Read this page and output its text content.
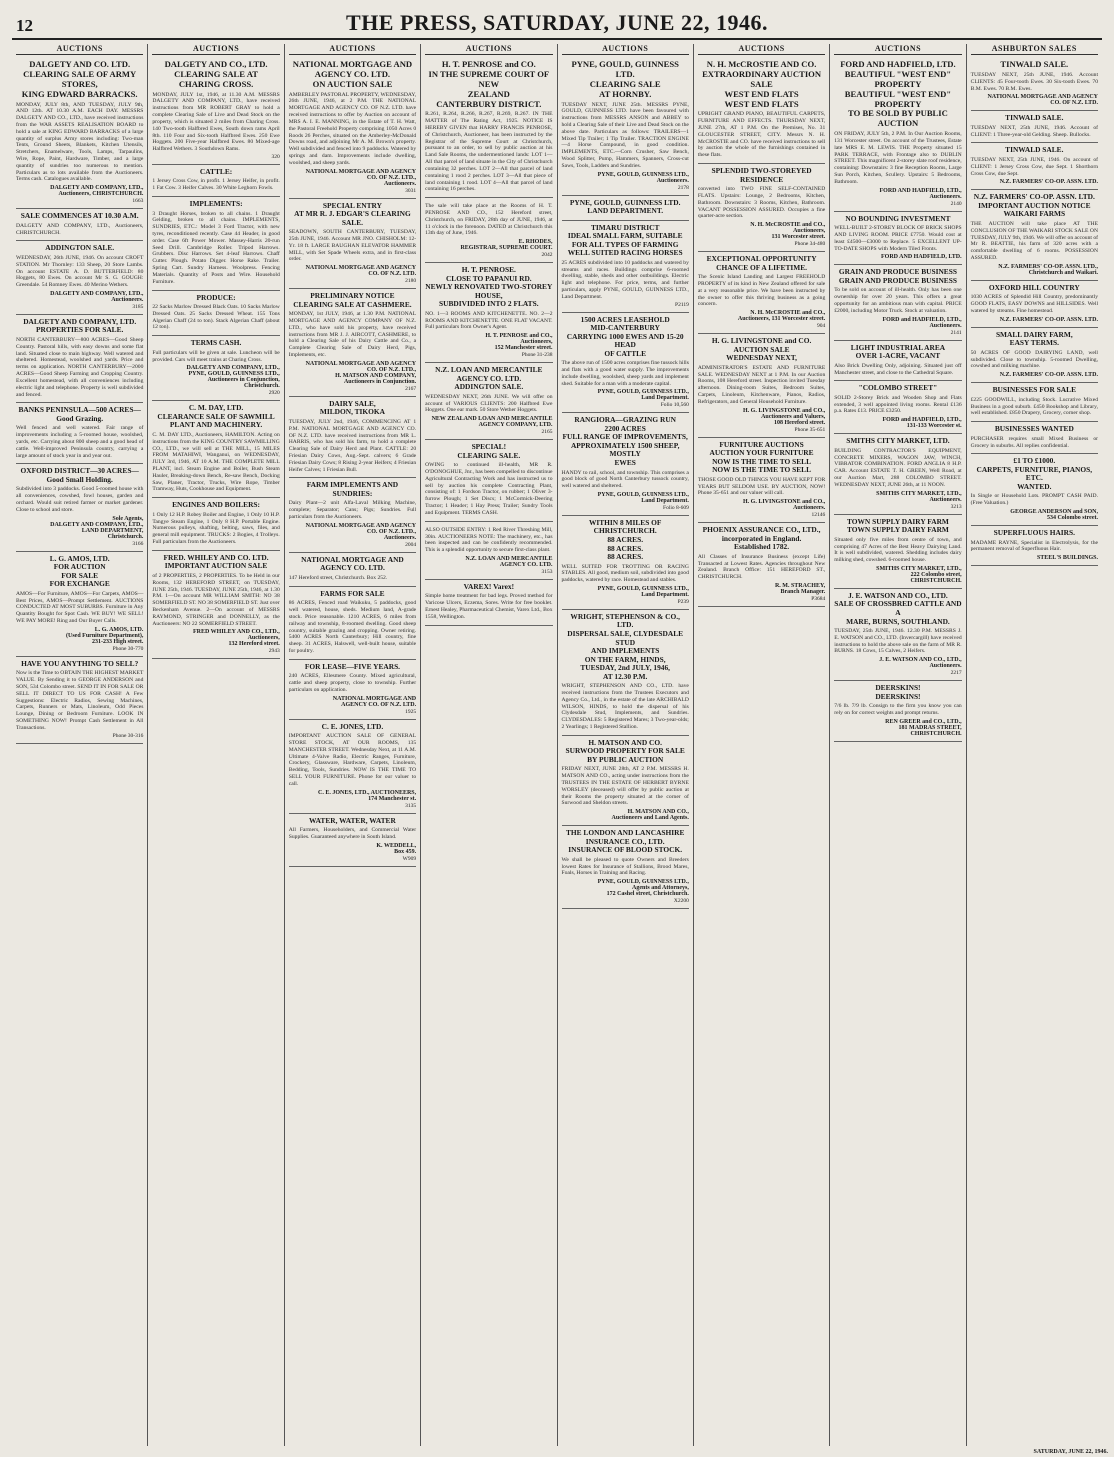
12	THE PRESS, SATURDAY, JUNE 22, 1946.
AUCTIONS
DALGETY AND CO. LTD.
CLEARING SALE OF ARMY STORES,
KING EDWARD BARRACKS.
MONDAY, JULY 8th, AND TUESDAY, JULY 9th, AND 12th. AT 10.30 A.M. EACH DAY. MESSRS DALGETY AND CO., LTD., have received instructions from the WAR ASSETS REALISATION BOARD to hold a sale at KING EDWARD BARRACKS of a large quantity of surplus Army stores including: Two-man Tents, Ground Sheets, Blankets, Kitchen Utensils, Stretchers, Enamelware, Tools, Lamps, Tarpaulins, Wire, Rope, Paint, Hardware, Timber, and a large quantity of sundries too numerous to mention. Particulars as to lots available from the Auctioneers. Terms cash. Catalogues available.
DALGETY AND COMPANY, LTD.,
Auctioneers, CHRISTCHURCH.
1663
SALE COMMENCES AT 10.30 A.M.
DALGETY AND COMPANY, LTD., Auctioneers, CHRISTCHURCH.
ADDINGTON SALE.
WEDNESDAY, 26th JUNE, 1946. On account CROFT STATION. Mr Thornley: 133 Sheep, 20 Store Lambs. On account ESTATE A. D. BUTTERFIELD: 80 Hoggets, 80 Ewes. On account Mr S. G. GOUGH: Greendale. 54 Romney Ewes. 40 Merino Wethers.
DALGETY AND COMPANY, LTD.,
Auctioneers.
3185
DALGETY AND COMPANY, LTD.
PROPERTIES FOR SALE.
NORTH CANTERBURY—800 ACRES—Good Sheep Country. Pastoral hills, with easy downs and some flat land. Situated close to main highway. Well watered and sheltered. Homestead, woolshed and yards. Price and terms on application. NORTH CANTERBURY—2000 ACRES—Good Sheep Farming and Cropping Country. Excellent homestead, with all conveniences including electric light and telephone. Property is well subdivided and fenced.
BANKS PENINSULA—500 ACRES—Good Grazing.
Well fenced and well watered. Fair range of improvements including a 5-roomed house, woolshed, yards, etc. Carrying about 800 sheep and a good head of cattle. Well-improved Peninsula country, carrying a large amount of stock year in and year out.
OXFORD DISTRICT—30 ACRES—Good Small Holding.
Subdivided into 3 paddocks. Good 5-roomed house with all conveniences, cowshed, fowl houses, garden and orchard. Would suit retired farmer or market gardener. Close to school and store.
Sole Agents,
DALGETY AND COMPANY, LTD.,
LAND DEPARTMENT,
Christchurch.
3166
L. G. AMOS, LTD.
FOR AUCTION
FOR SALE
FOR EXCHANGE
AMOS—For Furniture, AMOS—For Carpets, AMOS—Best Prices, AMOS—Prompt Settlement. AUCTIONS CONDUCTED AT MOST SUBURBS. Furniture in Any Quantity Bought for Spot Cash. WE BUY! WE SELL! WE PAY MORE! Ring and Our Buyer Calls.
L. G. AMOS, LTD.
(Used Furniture Department),
231-233 High street.
Phone 30-770
HAVE YOU ANYTHING TO SELL?
Now is the Time to OBTAIN THE HIGHEST MARKET VALUE. By Sending it to GEORGE ANDERSON and SON, 534 Colombo street. SEND IT IN FOR SALE OR SELL IT DIRECT TO US FOR CASH! A Few Suggestions: Electric Radios, Sewing Machines, Carpets, Runners or Mats, Linoleum, Odd Pieces Lounge, Dining or Bedroom Furniture. LOOK IN SOMETHING NOW! Prompt Cash Settlement in All Transactions.
Phone 30-316
AUCTIONS
DALGETY AND CO., LTD.
CLEARING SALE AT
CHARING CROSS.
MONDAY, JULY 1st, 1946, at 11.30 A.M. MESSRS DALGETY AND COMPANY, LTD., have received instructions from MR ROBERT GRAY to hold a complete Clearing Sale of Live and Dead Stock on the property, which is situated 2 miles from Charing Cross. 140 Two-tooth Halfbred Ewes, South down rams April 8th. 110 Four and Six-tooth Halfbred Ewes. 250 Ewe Hoggets. 200 Five-year Halfbred Ewes. 80 Mixed-age Halfbred Wethers. 3 Southdown Rams.
320
CATTLE:
1 Jersey Cross Cow, in profit. 1 Jersey Heifer, in profit. 1 Fat Cow. 3 Heifer Calves. 30 White Leghorn Fowls.
IMPLEMENTS:
3 Draught Horses, broken to all chains. 1 Draught Gelding, broken to all chains. IMPLEMENTS, SUNDRIES, ETC.: Model 3 Ford Tractor, with new tyres, reconditioned recently. Case 44 Header, in good order. Case 6ft Power Mower. Massey-Harris 20-run Seed Drill. Cambridge Roller. Tripod Harrows. Grubbers. Disc Harrows. Set 4-leaf Harrows. Chaff Cutter. Plough. Potato Digger. Horse Rake. Trailer. Spring Cart. Sundry Harness. Woolpress. Fencing Materials. Quantity of Posts and Wire. Household Furniture.
PRODUCE:
22 Sacks Marlow Dressed Black Oats. 10 Sacks Marlow Dressed Oats. 25 Sacks Dressed Wheat. 155 Tons Algerian Chaff (24 to ton). Stack Algerian Chaff (about 12 ton).
TERMS CASH.
Full particulars will be given at sale. Luncheon will be provided. Cars will meet trains at Charing Cross.
DALGETY AND COMPANY, LTD.,
PYNE, GOULD, GUINNESS LTD.,
Auctioneers in Conjunction,
Christchurch.
2920
C. M. DAY, LTD.
CLEARANCE SALE OF SAWMILL
PLANT AND MACHINERY.
C. M. DAY LTD., Auctioneers, HAMILTON. Acting on instructions from the KING COUNTRY SAWMILLING CO., LTD., we will sell at THE MILL, 15 MILES FROM MATAHIWI, Wanganui, on WEDNESDAY, JULY 3rd, 1946, AT 10 A.M. THE COMPLETE MILL PLANT, incl. Steam Engine and Boiler, Bush Steam Hauler, Breaking-down Bench, Re-saw Bench, Docking Saw, Planer, Tractor, Trucks, Wire Rope, Timber Tramway, Huts, Cookhouse and Equipment.
ENGINES AND BOILERS:
1 Only 12 H.P. Robey Boiler and Engine, 1 Only 10 H.P. Tangye Steam Engine, 1 Only 8 H.P. Portable Engine. Numerous pulleys, shafting, belting, saws, files, and general mill equipment. TRUCKS: 2 Bogies, 4 Trolleys. Full particulars from the Auctioneers.
FRED. WHILEY AND CO. LTD.
IMPORTANT AUCTION SALE
of 2 PROPERTIES, 2 PROPERTIES. To be Held in our Rooms, 132 HEREFORD STREET, on TUESDAY, JUNE 25th, 1946. TUESDAY, JUNE 25th, 1946, at 1.30 P.M. 1—On account MR WILLIAM SMITH: NO 38 SOMERFIELD ST. NO 38 SOMERFIELD ST. Just over Beckenham Avenue. 2—On account of MESSRS RAYMOND, STRINGER and DONNELLY, as the Auctioneers: NO 22 SOMERFIELD STREET.
FRED WHILEY AND CO., LTD.,
Auctioneers,
132 Hereford street.
2943
AUCTIONS
NATIONAL MORTGAGE AND
AGENCY CO. LTD.
ON AUCTION SALE
AMBERLEY PASTORAL PROPERTY, WEDNESDAY, 26th JUNE, 1946, at 2 P.M. THE NATIONAL MORTGAGE AND AGENCY CO. OF N.Z. LTD. have received instructions to offer by Auction on account of MRS A. I. E. MANNING, in the Estate of T. H. Watt, the Pastoral Freehold Property comprising 1050 Acres 0 Roods 26 Perches, situated on the Amberley-McDonald Downs road, and adjoining Mr A. M. Brown's property. Well subdivided and fenced into 9 paddocks. Watered by springs and dam. Improvements include dwelling, woolshed, and sheep yards.
NATIONAL MORTGAGE AND AGENCY
CO. OF N.Z. LTD.,
Auctioneers.
3031
SPECIAL ENTRY
AT MR R. J. EDGAR'S CLEARING
SALE.
SEADOWN, SOUTH CANTERBURY, TUESDAY, 25th JUNE, 1946. Account MR JNO. CHISHOLM: 12-Yr. 18 ft. LARGE BAUGHAN ELEVATOR HAMMER MILL, with Set Spade Wheels extra, and in first-class order.
NATIONAL MORTGAGE AND AGENCY
CO. OF N.Z. LTD.
2180
PRELIMINARY NOTICE
CLEARING SALE AT CASHMERE.
MONDAY, 1st JULY, 1946, at 1.30 P.M. NATIONAL MORTGAGE AND AGENCY COMPANY OF N.Z. LTD., who have sold his property, have received instructions from MR J. J. AIRCOTT, CASHMERE, to hold a Clearing Sale of his Dairy Cattle and Co., a Complete Clearing Sale of Dairy Herd, Pigs, Implements, etc.
NATIONAL MORTGAGE AND AGENCY
CO. OF N.Z. LTD.,
H. MATSON AND COMPANY,
Auctioneers in Conjunction.
2167
DAIRY SALE,
MILDON, TIKOKA
TUESDAY, JULY 2nd, 1946, COMMENCING AT 1 P.M. NATIONAL MORTGAGE AND AGENCY CO. OF N.Z. LTD. have received instructions from MR L. HARRIS, who has sold his farm, to hold a complete Clearing Sale of Dairy Herd and Plant. CATTLE: 20 Friesian Dairy Cows, Aug.-Sept. calvers; 6 Grade Friesian Dairy Cows; 8 Rising 2-year Heifers; 4 Friesian Heifer Calves; 1 Friesian Bull.
FARM IMPLEMENTS AND SUNDRIES:
Dairy Plant—2 unit Alfa-Laval Milking Machine, complete; Separator; Cans; Pigs; Sundries. Full particulars from the Auctioneers.
NATIONAL MORTGAGE AND AGENCY
CO. OF N.Z. LTD.,
Auctioneers.
2004
NATIONAL MORTGAGE AND
AGENCY CO. LTD.
147 Hereford street, Christchurch. Box 252.
FARMS FOR SALE
86 ACRES, Fenced road Waikuku, 5 paddocks, good well watered, house, sheds. Medium land, A-grade stock. Price reasonable. 1210 ACRES, 6 miles from railway and township, 8-roomed dwelling. Good sheep country, suitable grazing and cropping. Owner retiring. 5400 ACRES North Canterbury; Hill country, fine sheep. 31 ACRES, Halswell, well-built house, suitable for poultry.
FOR LEASE—FIVE YEARS.
240 ACRES, Ellesmere County. Mixed agricultural, cattle and sheep property, close to township. Further particulars on application.
NATIONAL MORTGAGE AND
AGENCY CO. OF N.Z. LTD.
1925
C. E. JONES, LTD.
IMPORTANT AUCTION SALE OF GENERAL STORE STOCK, AT OUR ROOMS, 135 MANCHESTER STREET. Wednesday Next, at 11 A.M. Ultimate 4-Valve Radio, Electric Ranges, Furniture, Crockery, Glassware, Hardware, Carpets, Linoleum, Bedding, Tools, Sundries. NOW IS THE TIME TO SELL YOUR FURNITURE. Phone for our valuer to call.
C. E. JONES, LTD., AUCTIONEERS,
174 Manchester st.
3135
WATER, WATER, WATER
All Farmers, Householders, and Commercial Water Supplies. Guaranteed anywhere in South Island.
K. WEDDELL,
Box 459.
W909
AUCTIONS
H. T. PENROSE and CO.
IN THE SUPREME COURT OF NEW
ZEALAND
CANTERBURY DISTRICT.
R.261, R.264, R.266, R.267, R.269, R.267. IN THE MATTER of The Rating Act, 1925. NOTICE IS HEREBY GIVEN that HARRY FRANCIS PENROSE, of Christchurch, Auctioneer, has been instructed by the Registrar of the Supreme Court at Christchurch, pursuant to an order, to sell by public auction at his Land Sale Rooms, the undermentioned lands: LOT 1—All that parcel of land situate in the City of Christchurch containing 32 perches. LOT 2—All that parcel of land containing 1 rood 2 perches. LOT 3—All that piece of land containing 1 rood. LOT 4—All that parcel of land containing 16 perches.
The sale will take place at the Rooms of H. T. PENROSE AND CO., 152 Hereford street, Christchurch, on FRIDAY, 28th day of JUNE, 1946, at 11 o'clock in the forenoon. DATED at Christchurch this 13th day of June, 1946.
E. RHODES,
REGISTRAR, SUPREME COURT.
2042
H. T. PENROSE.
CLOSE TO PAPANUI RD.
NEWLY RENOVATED TWO-STOREY
HOUSE,
SUBDIVIDED INTO 2 FLATS.
NO. 1—3 ROOMS AND KITCHENETTE. NO. 2—2 ROOMS AND KITCHENETTE. ONE FLAT VACANT. Full particulars from Owner's Agent.
H. T. PENROSE and CO.,
Auctioneers,
152 Manchester street.
Phone 31-238
N.Z. LOAN AND MERCANTILE
AGENCY CO. LTD.
ADDINGTON SALE.
WEDNESDAY NEXT, 26th JUNE. We will offer on account of VARIOUS CLIENTS: 200 Halfbred Ewe Hoggets. One ear mark. 50 Store Wether Hoggets.
NEW ZEALAND LOAN AND MERCANTILE
AGENCY COMPANY, LTD.
2165
SPECIAL!
CLEARING SALE.
OWING to continued ill-health, MR R. O'DONOGHUE, Jnr., has been compelled to discontinue Agricultural Contracting Work and has instructed us to sell by auction his complete Contracting Plant, consisting of: 1 Fordson Tractor, on rubber; 1 Oliver 3-furrow Plough; 1 Set Discs; 1 McCormick-Deering Tractor; 1 Header; 1 Hay Press; Trailer; Sundry Tools and Equipment. TERMS CASH.
ALSO OUTSIDE ENTRY: 1 Red River Threshing Mill, 30in. AUCTIONEERS NOTE: The machinery, etc., has been inspected and can be confidently recommended. This is a splendid opportunity to secure first-class plant.
N.Z. LOAN AND MERCANTILE
AGENCY CO. LTD.
3153
VAREX! Varex!
Simple home treatment for bad legs. Proved method for Varicose Ulcers, Eczema, Sores. Write for free booklet. Ernest Healey, Pharmaceutical Chemist, Varex Ltd., Box 1558, Wellington.
AUCTIONS
PYNE, GOULD, GUINNESS LTD.
CLEARING SALE
AT HORNBY.
TUESDAY NEXT, JUNE 25th. MESSRS PYNE, GOULD, GUINNESS LTD. have been favoured with instructions from MESSRS ANSON and ABBEY to hold a Clearing Sale of their Live and Dead Stock on the above date. Particulars as follows: TRAILERS—1 Mixed Tip Trailer; 1 Tip Trailer. TRACTION ENGINE—4 Horse Compound, in good condition. IMPLEMENTS, ETC.—Corn Crusher, Saw Bench, Wood Splitter, Pump, Hammers, Spanners, Cross-cut Saws, Tools, Ladders and Sundries.
PYNE, GOULD, GUINNESS LTD.,
Auctioneers.
2178
PYNE, GOULD, GUINNESS LTD.
LAND DEPARTMENT.
TIMARU DISTRICT
IDEAL SMALL FARM, SUITABLE
FOR ALL TYPES OF FARMING
WELL SUITED RACING HORSES
25 ACRES subdivided into 10 paddocks and watered by streams and races. Buildings comprise 6-roomed dwelling, stable, sheds and other outbuildings. Electric light and telephone. For price, terms, and further particulars, apply PYNE, GOULD, GUINNESS LTD., Land Department.
P2119
1500 ACRES LEASEHOLD
MID-CANTERBURY
CARRYING 1000 EWES AND 15-20 HEAD
OF CATTLE
The above run of 1500 acres comprises fine tussock hills and flats with a good water supply. The improvements include dwelling, woolshed, sheep yards and implement shed. Suitable for a man with a moderate capital.
PYNE, GOULD, GUINNESS LTD.,
Land Department.
Folio 10,560
RANGIORA—GRAZING RUN
2200 ACRES
FULL RANGE OF IMPROVEMENTS,
APPROXIMATELY 1500 SHEEP, MOSTLY
EWES
HANDY to rail, school, and township. This comprises a good block of good North Canterbury tussock country, well watered and sheltered.
PYNE, GOULD, GUINNESS LTD.,
Land Department.
Folio 8-609
WITHIN 8 MILES OF CHRISTCHURCH.
88 ACRES.
88 ACRES.
88 ACRES.
WELL SUITED FOR TROTTING OR RACING STABLES. All good, medium soil, subdivided into good paddocks, watered by race. Homestead and stables.
PYNE, GOULD, GUINNESS LTD.,
Land Department.
P239
WRIGHT, STEPHENSON & CO., LTD.
DISPERSAL SALE, CLYDESDALE STUD
AND IMPLEMENTS
ON THE FARM, HINDS,
TUESDAY, 2nd JULY, 1946,
AT 12.30 P.M.
WRIGHT, STEPHENSON AND CO., LTD. have received instructions from the Trustees Executors and Agency Co., Ltd., in the estate of the late ARCHIBALD WILSON, HINDS, to hold the dispersal of his Clydesdale Stud, Implements, and Sundries. CLYDESDALES: 5 Registered Mares; 3 Two-year-olds; 2 Yearlings; 1 Registered Stallion.
H. MATSON AND CO.
SURWOOD PROPERTY FOR SALE
BY PUBLIC AUCTION
FRIDAY NEXT, JUNE 28th, AT 2 P.M. MESSRS H. MATSON AND CO., acting under instructions from the TRUSTEES IN THE ESTATE OF HERBERT BYRNE WORSLEY (deceased) will offer by public auction at their Rooms the property situated at the corner of Surwood and Sheldon streets.
H. MATSON AND CO.,
Auctioneers and Land Agents.
THE LONDON AND LANCASHIRE
INSURANCE CO., LTD.
INSURANCE OF BLOOD STOCK.
We shall be pleased to quote Owners and Breeders lowest Rates for Insurance of Stallions, Brood Mares, Foals, Horses in Training and Racing.
PYNE, GOULD, GUINNESS LTD.,
Agents and Attorneys,
172 Cashel street, Christchurch.
X2200
AUCTIONS
N. H. McCROSTIE AND CO.
EXTRAORDINARY AUCTION SALE
WEST END FLATS
WEST END FLATS
UPRIGHT GRAND PIANO, BEAUTIFUL CARPETS, FURNITURE AND EFFECTS. THURSDAY NEXT, JUNE 27th, AT 1 P.M. On the Premises, No. 31 GLOUCESTER STREET, CITY. Messrs N. H. McCROSTIE and CO. have received instructions to sell by auction the whole of the furnishings contained in these flats.
SPLENDID TWO-STOREYED RESIDENCE
converted into TWO FINE SELF-CONTAINED FLATS. Upstairs: Lounge, 2 Bedrooms, Kitchen, Bathroom. Downstairs: 3 Rooms, Kitchen, Bathroom. VACANT POSSESSION ASSURED. Occupies a fine quarter-acre section.
N. H. McCROSTIE and CO.,
Auctioneers,
131 Worcester street.
Phone 34-480
EXCEPTIONAL OPPORTUNITY
CHANCE OF A LIFETIME.
The Scenic Island Landing and Largest FREEHOLD PROPERTY of its kind in New Zealand offered for sale at a very reasonable price. We have been instructed by the owner to offer this thriving business as a going concern.
N. H. McCROSTIE and CO.,
Auctioneers, 131 Worcester street.
904
H. G. LIVINGSTONE and CO.
AUCTION SALE
WEDNESDAY NEXT,
ADMINISTRATOR'S ESTATE AND FURNITURE SALE. WEDNESDAY NEXT at 1 P.M. In our Auction Rooms, 108 Hereford street. Inspection invited Tuesday afternoon. Dining-room Suites, Bedroom Suites, Carpets, Linoleum, Kitchenware, Pianos, Radios, Refrigerators, and General Household Furniture.
H. G. LIVINGSTONE and CO.,
Auctioneers and Valuers,
108 Hereford street.
Phone 35-651
FURNITURE AUCTIONS
AUCTION YOUR FURNITURE
NOW IS THE TIME TO SELL
NOW IS THE TIME TO SELL
THOSE GOOD OLD THINGS YOU HAVE KEPT FOR YEARS BUT SELDOM USE. BY AUCTION, NOW! Phone 35-651 and our valuer will call.
H. G. LIVINGSTONE and CO.,
Auctioneers.
12146
PHOENIX ASSURANCE CO., LTD.,
incorporated in England.
Established 1782.
All Classes of Insurance Business (except Life) Transacted at Lowest Rates. Agencies throughout New Zealand. Branch Office: 151 HEREFORD ST., CHRISTCHURCH.
R. M. STRACHEY,
Branch Manager.
P3684
AUCTIONS
FORD AND HADFIELD, LTD.
BEAUTIFUL "WEST END" PROPERTY
BEAUTIFUL "WEST END" PROPERTY
TO BE SOLD BY PUBLIC AUCTION
ON FRIDAY, JULY 5th, 2 P.M. In Our Auction Rooms, 131 Worcester street. On account of the Trustees, Estate late MRS E. M. LEWIS. THE Property situated 15 PARK TERRACE, with Frontage also to DUBLIN STREET. This magnificent 2-storey slate roof residence, containing: Downstairs: 3 fine Reception Rooms, Large Sun Porch, Kitchen, Scullery. Upstairs: 5 Bedrooms, Bathroom.
FORD AND HADFIELD, LTD.,
Auctioneers.
2140
NO BOUNDING INVESTMENT
WELL-BUILT 2-STOREY BLOCK OF BRICK SHOPS AND LIVING ROOM. PRICE £7750. Would cost at least £4500—£3000 to Replace. 5 EXCELLENT UP-TO-DATE SHOPS with Modern Tiled Fronts.
FORD AND HADFIELD, LTD.
GRAIN AND PRODUCE BUSINESS
GRAIN AND PRODUCE BUSINESS
To be sold on account of ill-health. Only has been one ownership for over 20 years. This offers a great opportunity for an ambitious man with capital. PRICE £2000, including Motor Truck. Stock at valuation.
FORD and HADFIELD, LTD.,
Auctioneers.
2141
LIGHT INDUSTRIAL AREA
OVER 1-ACRE, VACANT
Also Brick Dwelling Only, adjoining. Situated just off Manchester street, and close to the Cathedral Square.
"COLOMBO STREET"
SOLID 2-Storey Brick and Wooden Shop and Flats extended, 3 well appointed living rooms. Rental £136 p.a. Rates £13. PRICE £3250.
FORD and HADFIELD, LTD.,
131-133 Worcester st.
SMITHS CITY MARKET, LTD.
BUILDING CONTRACTOR'S EQUIPMENT, CONCRETE MIXERS, WAGON JAW, WINCH, VIBRATOR COMBINATION. FORD ANGLIA 8 H.P. CAR. Account ESTATE T. H. GREEN, Well Road, at our Auction Mart, 288 COLOMBO STREET. WEDNESDAY NEXT, JUNE 26th, at 11 NOON.
SMITHS CITY MARKET, LTD.,
Auctioneers.
3213
TOWN SUPPLY DAIRY FARM
TOWN SUPPLY DAIRY FARM
Situated only five miles from centre of town, and comprising 47 Acres of the Best Heavy Dairying Land. It is well subdivided, watered. Shedding includes dairy milking shed, cowshed. 6-roomed house.
SMITHS CITY MARKET, LTD.,
222 Colombo street,
CHRISTCHURCH.
J. E. WATSON AND CO., LTD.
SALE OF CROSSBRED CATTLE AND A
MARE, BURNS, SOUTHLAND.
TUESDAY, 25th JUNE, 1946. 12.30 P.M. MESSRS J. E. WATSON and CO., LTD. (Invercargill) have received instructions to hold the above sale on the farm of MR R. BURNS. 18 Cows, 15 Calves, 2 Heifers.
J. E. WATSON AND CO., LTD.,
Auctioneers.
2217
DEERSKINS!
DEERSKINS!
7/6 lb. 7/9 lb. Consign to the firm you know you can rely on for correct weights and prompt returns.
REN GREER and CO., LTD.,
181 MADRAS STREET,
CHRISTCHURCH.
ASHBURTON SALES
TINWALD SALE.
TUESDAY NEXT, 25th JUNE, 1946. Account CLIENTS: 45 Four-tooth Ewes. 30 Six-tooth Ewes. 70 B.M. Ewes. 70 B.M. Ewes.
NATIONAL MORTGAGE AND AGENCY
CO. OF N.Z. LTD.
TINWALD SALE.
TUESDAY NEXT, 25th JUNE, 1946. Account of CLIENT: 1 Three-year-old Gelding. Sheep. Bullocks.
TINWALD SALE.
TUESDAY NEXT, 25th JUNE, 1946. On account of CLIENT: 1 Jersey Cross Cow, due Sept. 1 Shorthorn Cross Cow, due Sept.
N.Z. FARMERS' CO-OP. ASSN. LTD.
N.Z. FARMERS' CO-OP. ASSN. LTD.
IMPORTANT AUCTION NOTICE
WAIKARI FARMS
THE AUCTION will take place AT THE CONCLUSION OF THE WAIKARI STOCK SALE ON TUESDAY, JULY 9th, 1946. We will offer on account of Mr R. BEATTIE, his farm of 320 acres with a comfortable dwelling of 6 rooms. POSSESSION ASSURED.
N.Z. FARMERS' CO-OP. ASSN. LTD.,
Christchurch and Waikari.
OXFORD HILL COUNTRY
1030 ACRES of Splendid Hill Country, predominantly GOOD FLATS, EASY DOWNS and HILLSIDES. Well watered by streams. Fine homestead.
N.Z. FARMERS' CO-OP. ASSN. LTD.
SMALL DAIRY FARM,
EASY TERMS.
50 ACRES OF GOOD DAIRYING LAND, well subdivided. Close to township. 5-roomed Dwelling, cowshed and milking machine.
N.Z. FARMERS' CO-OP. ASSN. LTD.
BUSINESSES FOR SALE
£225 GOODWILL, including Stock. Lucrative Mixed Business in a good suburb. £450 Bookshop and Library, well established. £850 Drapery, Grocery, corner shop.
BUSINESSES WANTED
PURCHASER requires small Mixed Business or Grocery in suburbs. All replies confidential.
£1 TO £1000.
CARPETS, FURNITURE, PIANOS, ETC.
WANTED.
In Single or Household Lots. PROMPT CASH PAID. (Free Valuation.)
GEORGE ANDERSON and SON,
534 Colombo street.
SUPERFLUOUS HAIRS.
MADAME RAYNE, Specialist in Electrolysis, for the permanent removal of Superfluous Hair.
STEEL'S BUILDINGS.
SATURDAY, JUNE 22, 1946.
